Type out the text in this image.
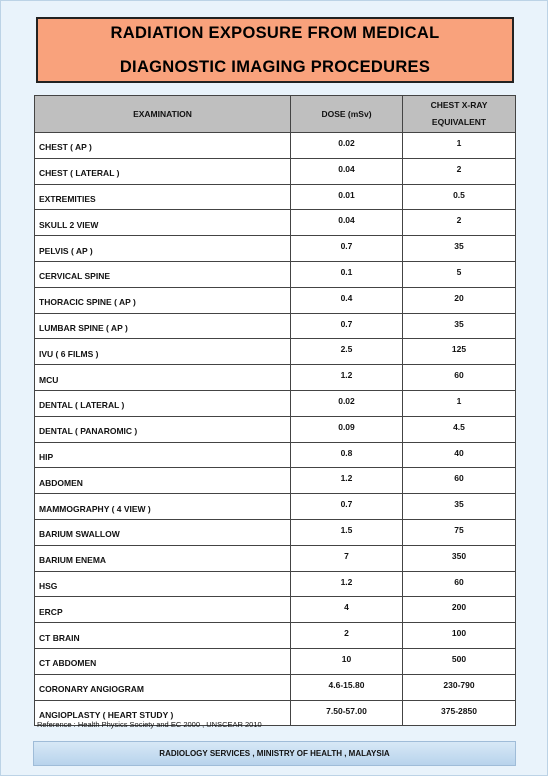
RADIATION EXPOSURE FROM MEDICAL
DIAGNOSTIC IMAGING PROCEDURES
EXAMINATION	DOSE (mSv)	CHEST X-RAY
EQUIVALENT

CHEST ( AP )	0.02	1
CHEST ( LATERAL )	0.04	2
EXTREMITIES	0.01	0.5
SKULL 2 VIEW	0.04	2
PELVIS ( AP )	0.7	35
CERVICAL SPINE	0.1	5
THORACIC SPINE ( AP )	0.4	20
LUMBAR SPINE ( AP )	0.7	35
IVU ( 6 FILMS )	2.5	125
MCU	1.2	60
DENTAL ( LATERAL )	0.02	1
DENTAL ( PANAROMIC )	0.09	4.5
HIP	0.8	40
ABDOMEN	1.2	60
MAMMOGRAPHY ( 4 VIEW )	0.7	35
BARIUM SWALLOW	1.5	75
BARIUM ENEMA	7	350
HSG	1.2	60
ERCP	4	200
CT BRAIN	2	100
CT ABDOMEN	10	500
CORONARY ANGIOGRAM	4.6-15.80	230-790
ANGIOPLASTY ( HEART STUDY )	7.50-57.00	375-2850
Reference : Health Physics Society and EC 2000 , UNSCEAR 2010
RADIOLOGY SERVICES , MINISTRY OF HEALTH , MALAYSIA
